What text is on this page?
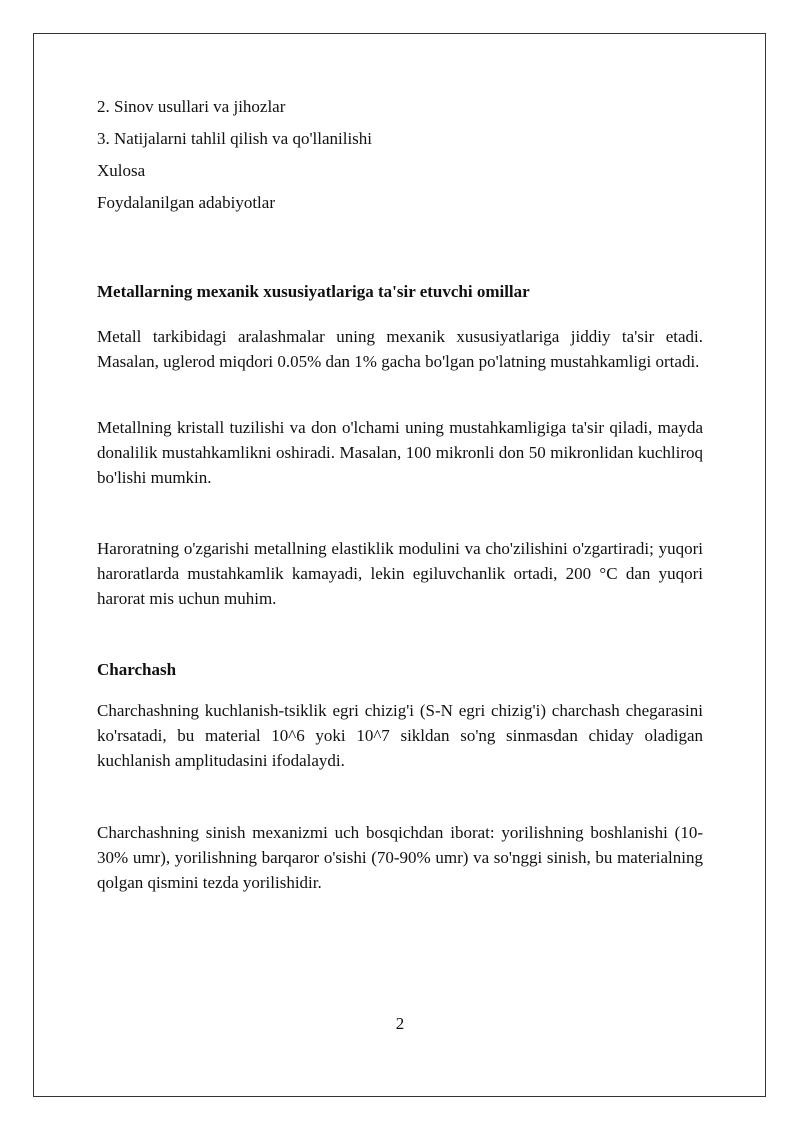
2. Sinov usullari va jihozlar

3. Natijalarni tahlil qilish va qo'llanilishi

Xulosa

Foydalanilgan adabiyotlar

Metallarning mexanik xususiyatlariga ta'sir etuvchi omillar

Metall tarkibidagi aralashmalar uning mexanik xususiyatlariga jiddiy ta'sir etadi. Masalan, uglerod miqdori 0.05% dan 1% gacha bo'lgan po'latning mustahkamligi ortadi.

Metallning kristall tuzilishi va don o'lchami uning mustahkamligiga ta'sir qiladi, mayda donalilik mustahkamlikni oshiradi. Masalan, 100 mikronli don 50 mikronlidan kuchliroq bo'lishi mumkin.

Haroratning o'zgarishi metallning elastiklik modulini va cho'zilishini o'zgartiradi; yuqori haroratlarda mustahkamlik kamayadi, lekin egiluvchanlik ortadi, 200 °C dan yuqori harorat mis uchun muhim.

Charchash

Charchashning kuchlanish-tsiklik egri chizig'i (S-N egri chizig'i) charchash chegarasini ko'rsatadi, bu material 10^6 yoki 10^7 sikldan so'ng sinmasdan chiday oladigan kuchlanish amplitudasini ifodalaydi.

Charchashning sinish mexanizmi uch bosqichdan iborat: yorilishning boshlanishi (10-30% umr), yorilishning barqaror o'sishi (70-90% umr) va so'nggi sinish, bu materialning qolgan qismini tezda yorilishidir.

2
